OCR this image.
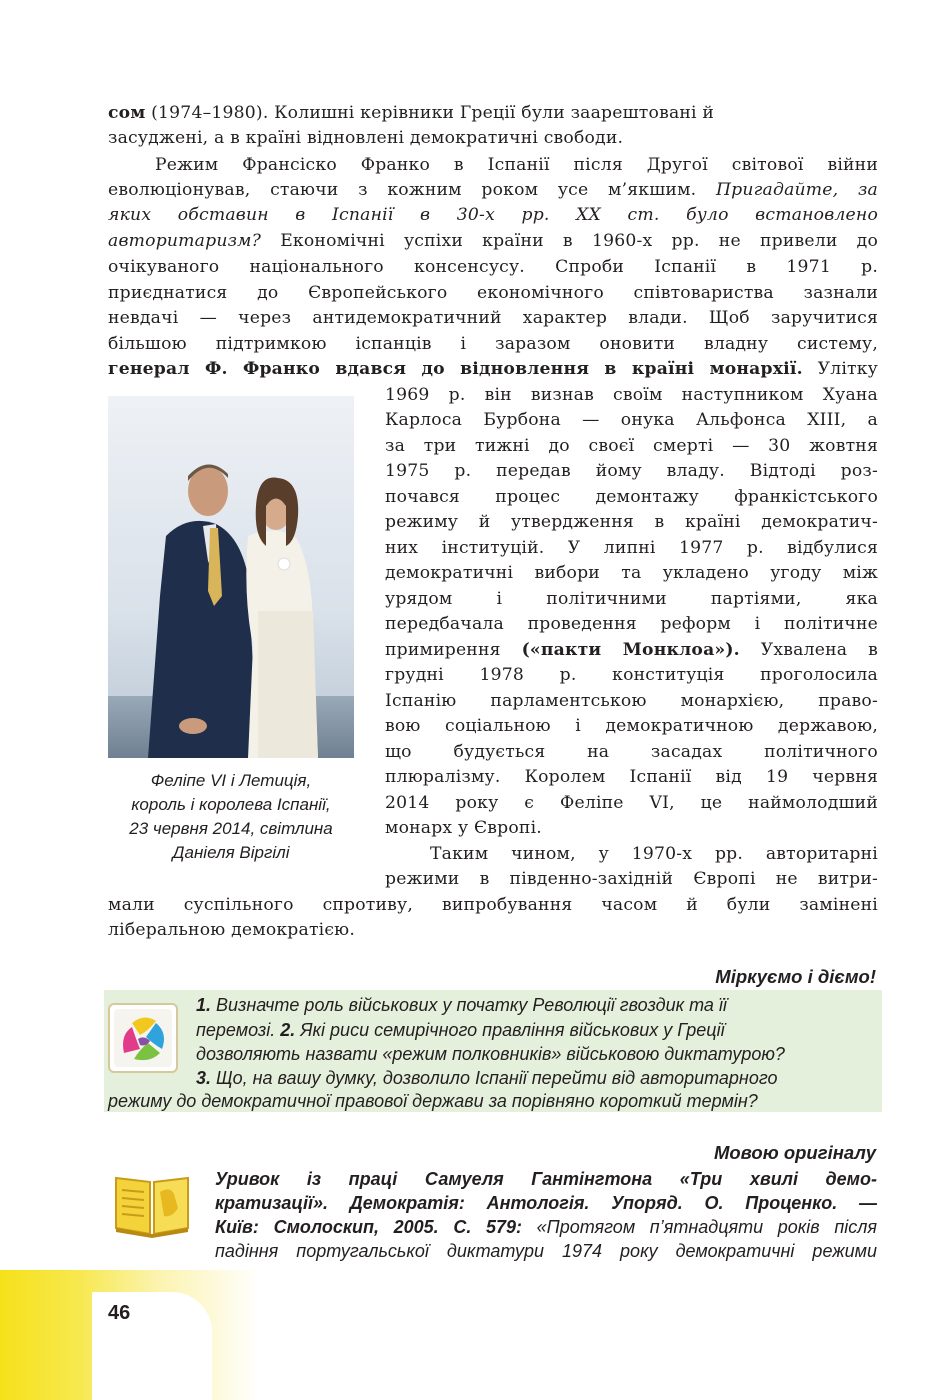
сом (1974–1980). Колишні керівники Греції були заарештовані й
засуджені, а в країні відновлені демократичні свободи.
Режим Франсіско Франко в Іспанії після Другої світової війни
еволюціонував, стаючи з кожним роком усе м’якшим. Пригадайте, за
яких обставин в Іспанії в 30-х рр. XX ст. було встановлено
авторитаризм? Економічні успіхи країни в 1960-х рр. не привели до
очікуваного національного консенсусу. Спроби Іспанії в 1971 р.
приєднатися до Європейського економічного співтовариства зазнали
невдачі — через антидемократичний характер влади. Щоб заручитися
більшою підтримкою іспанців і заразом оновити владну систему,
генерал Ф. Франко вдався до відновлення в країні монархії. Улітку
1969 р. він визнав своїм наступником Хуана
Карлоса Бурбона — онука Альфонса XIII, а
за три тижні до своєї смерті — 30 жовтня
1975 р. передав йому владу. Відтоді роз-
почався процес демонтажу франкістського
режиму й утвердження в країні демократич-
них інституцій. У липні 1977 р. відбулися
демократичні вибори та укладено угоду між
урядом і політичними партіями, яка
передбачала проведення реформ і політичне
примирення («пакти Монклоа»). Ухвалена в
грудні 1978 р. конституція проголосила
Іспанію парламентською монархією, право-
вою соціальною і демократичною державою,
що будується на засадах політичного
плюралізму. Королем Іспанії від 19 червня
2014 року є Феліпе VI, це наймолодший
монарх у Європі.
Таким чином, у 1970-х рр. авторитарні
режими в південно-західній Європі не витри-
мали суспільного спротиву, випробування часом й були замінені
ліберальною демократією.
Феліпе VI і Летиція,
король і королева Іспанії,
23 червня 2014, світлина
Даніеля Віргілі
Міркуємо і діємо!
1. Визначте роль військових у початку Революції гвоздик та її
перемозі. 2. Які риси семирічного правління військових у Греції
дозволяють назвати «режим полковників» військовою диктатурою?
3. Що, на вашу думку, дозволило Іспанії перейти від авторитарного
режиму до демократичної правової держави за порівняно короткий термін?
Мовою оригіналу
Уривок із праці Самуеля Гантінгтона «Три хвилі демо-
кратизації». Демократія: Антологія. Упоряд. О. Проценко. —
Київ: Смолоскип, 2005. С. 579: «Протягом п’ятнадцяти років після
падіння португальської диктатури 1974 року демократичні режими
46
